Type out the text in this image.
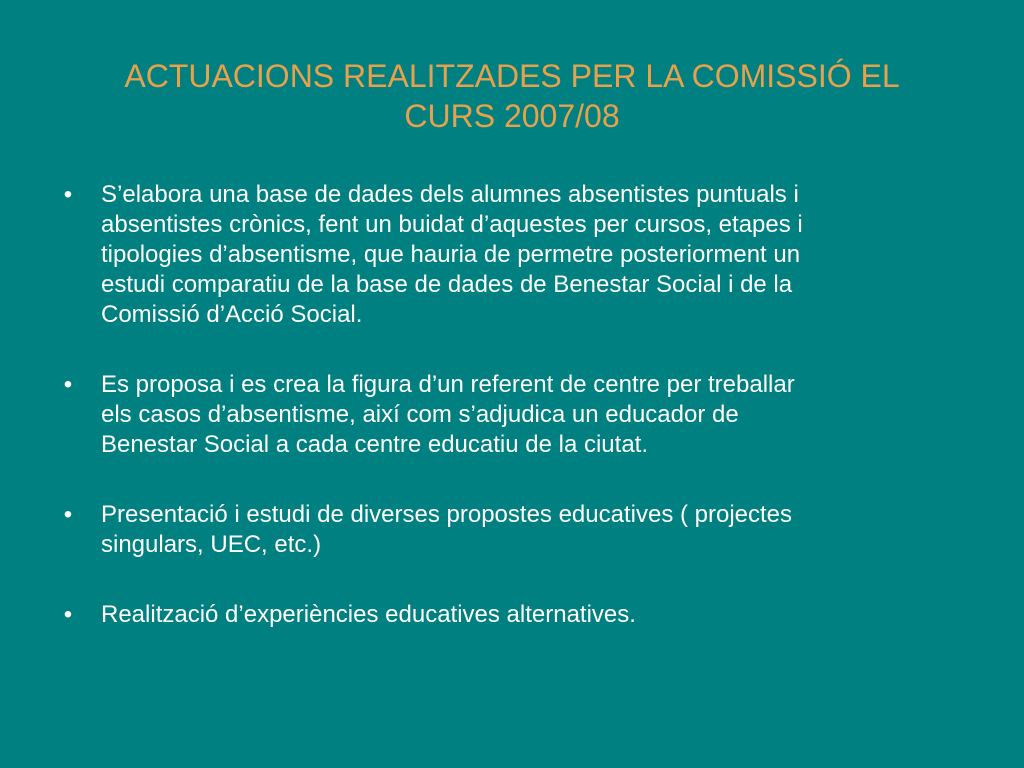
ACTUACIONS REALITZADES PER LA COMISSIÓ EL
CURS 2007/08
• S’elabora una base de dades dels alumnes absentistes puntuals i
absentistes crònics, fent un buidat d’aquestes per cursos, etapes i
tipologies d’absentisme, que hauria de permetre posteriorment un
estudi comparatiu de la base de dades de Benestar Social i de la
Comissió d’Acció Social.
• Es proposa i es crea la figura d’un referent de centre per treballar
els casos d’absentisme, així com s’adjudica un educador de
Benestar Social a cada centre educatiu de la ciutat.
• Presentació i estudi de diverses propostes educatives ( projectes
singulars, UEC, etc.)
• Realització d’experiències educatives alternatives.
